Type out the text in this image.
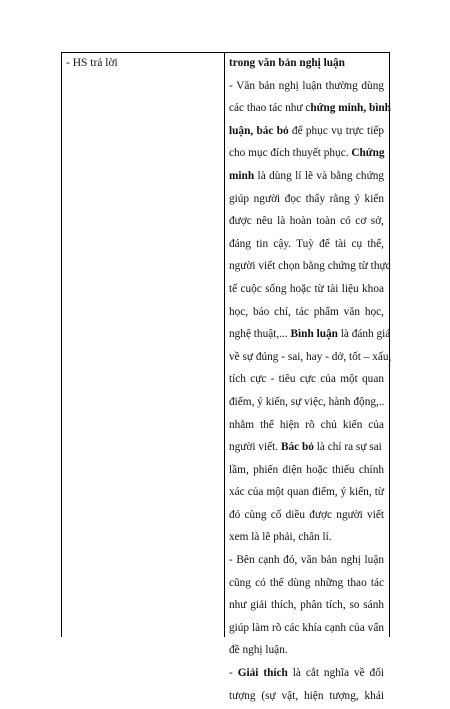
- HS trả lời	trong văn bản nghị luận
- Văn bản nghị luận thường dùng
các thao tác như chứng minh, bình
luận, bác bỏ để phục vụ trực tiếp
cho mục đích thuyết phục. Chứng
minh là dùng lí lẽ và bằng chứng
giúp người đọc thấy rằng ý kiến
được nêu là hoàn toàn có cơ sở,
đáng tin cậy. Tuỳ để tài cụ thể,
người viết chọn bằng chứng từ thực
tế cuộc sống hoặc từ tài liệu khoa
học, báo chí, tác phẩm văn học,
nghệ thuật,... Bình luận là đánh giá
về sự đúng - sai, hay - dở, tốt – xấu,
tích cực - tiêu cực của một quan
điểm, ý kiến, sự việc, hành động,..
nhằm thể hiện rõ chủ kiến của
người viết. Bác bỏ là chỉ ra sự sai
lầm, phiến diện hoặc thiếu chính
xác của một quan điểm, ý kiến, từ
đó cùng cố diều được người viết
xem là lẽ phải, chân lí.
- Bên cạnh đó, văn bản nghị luận
cũng có thể dùng những thao tác
như giải thích, phân tích, so sánh
giúp làm rõ các khía cạnh của vấn
đề nghị luận.
- Giải thích là cắt nghĩa về đối
tượng (sự vật, hiện tượng, khái
